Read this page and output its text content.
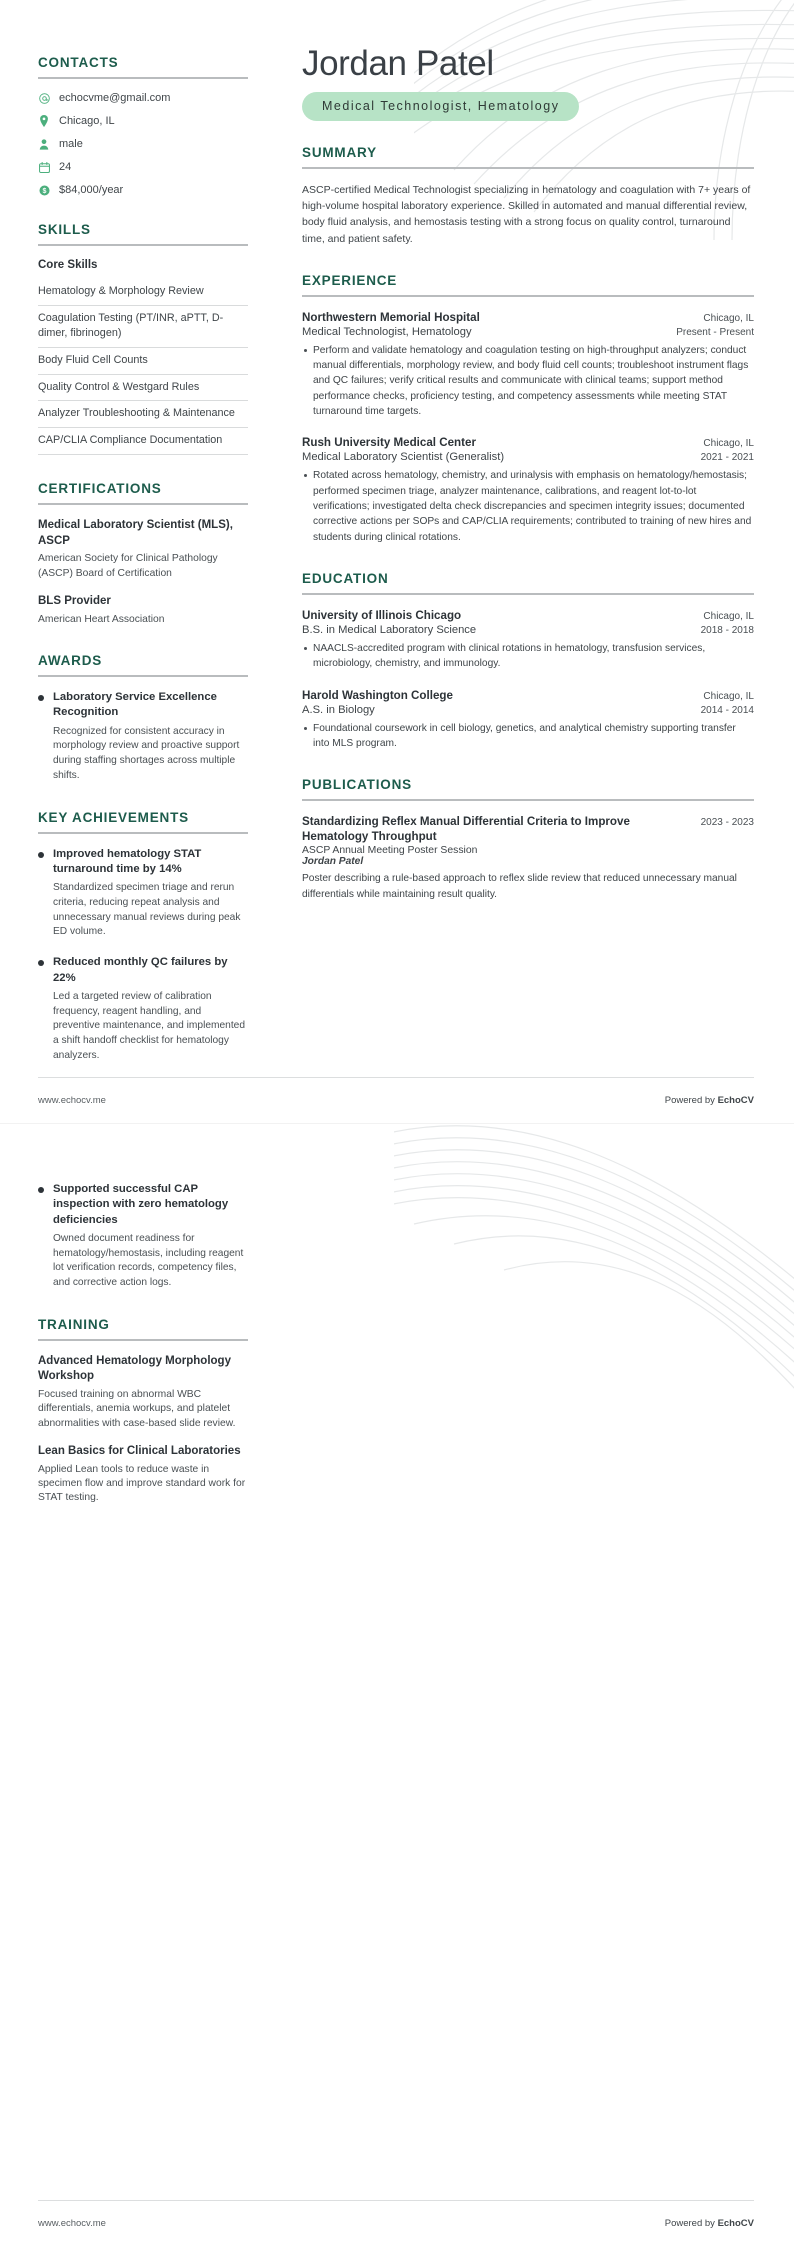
CONTACTS
echocvme@gmail.com
Chicago, IL
male
24
$ $84,000/year
SKILLS
Core Skills
Hematology & Morphology Review
Coagulation Testing (PT/INR, aPTT, D-dimer, fibrinogen)
Body Fluid Cell Counts
Quality Control & Westgard Rules
Analyzer Troubleshooting & Maintenance
CAP/CLIA Compliance Documentation
CERTIFICATIONS
Medical Laboratory Scientist (MLS), ASCP
American Society for Clinical Pathology (ASCP) Board of Certification
BLS Provider
American Heart Association
AWARDS
Laboratory Service Excellence Recognition
Recognized for consistent accuracy in morphology review and proactive support during staffing shortages across multiple shifts.
KEY ACHIEVEMENTS
Improved hematology STAT turnaround time by 14%
Standardized specimen triage and rerun criteria, reducing repeat analysis and unnecessary manual reviews during peak ED volume.
Reduced monthly QC failures by 22%
Led a targeted review of calibration frequency, reagent handling, and preventive maintenance, and implemented a shift handoff checklist for hematology analyzers.
Jordan Patel
Medical Technologist, Hematology
SUMMARY
ASCP-certified Medical Technologist specializing in hematology and coagulation with 7+ years of high-volume hospital laboratory experience. Skilled in automated and manual differential review, body fluid analysis, and hemostasis testing with a strong focus on quality control, turnaround time, and patient safety.
EXPERIENCE
Northwestern Memorial Hospital	Chicago, IL
Medical Technologist, Hematology	Present - Present
Perform and validate hematology and coagulation testing on high-throughput analyzers; conduct manual differentials, morphology review, and body fluid cell counts; troubleshoot instrument flags and QC failures; verify critical results and communicate with clinical teams; support method performance checks, proficiency testing, and competency assessments while meeting STAT turnaround time targets.
Rush University Medical Center	Chicago, IL
Medical Laboratory Scientist (Generalist)	2021 - 2021
Rotated across hematology, chemistry, and urinalysis with emphasis on hematology/hemostasis; performed specimen triage, analyzer maintenance, calibrations, and reagent lot-to-lot verifications; investigated delta check discrepancies and specimen integrity issues; documented corrective actions per SOPs and CAP/CLIA requirements; contributed to training of new hires and students during clinical rotations.
EDUCATION
University of Illinois Chicago	Chicago, IL
B.S. in Medical Laboratory Science	2018 - 2018
NAACLS-accredited program with clinical rotations in hematology, transfusion services, microbiology, chemistry, and immunology.
Harold Washington College	Chicago, IL
A.S. in Biology	2014 - 2014
Foundational coursework in cell biology, genetics, and analytical chemistry supporting transfer into MLS program.
PUBLICATIONS
Standardizing Reflex Manual Differential Criteria to Improve Hematology Throughput
2023 - 2023
ASCP Annual Meeting Poster Session
Jordan Patel
Poster describing a rule-based approach to reflex slide review that reduced unnecessary manual differentials while maintaining result quality.
www.echocv.me	Powered by EchoCV
Supported successful CAP inspection with zero hematology deficiencies
Owned document readiness for hematology/hemostasis, including reagent lot verification records, competency files, and corrective action logs.
TRAINING
Advanced Hematology Morphology Workshop
Focused training on abnormal WBC differentials, anemia workups, and platelet abnormalities with case-based slide review.
Lean Basics for Clinical Laboratories
Applied Lean tools to reduce waste in specimen flow and improve standard work for STAT testing.
www.echocv.me	Powered by EchoCV
